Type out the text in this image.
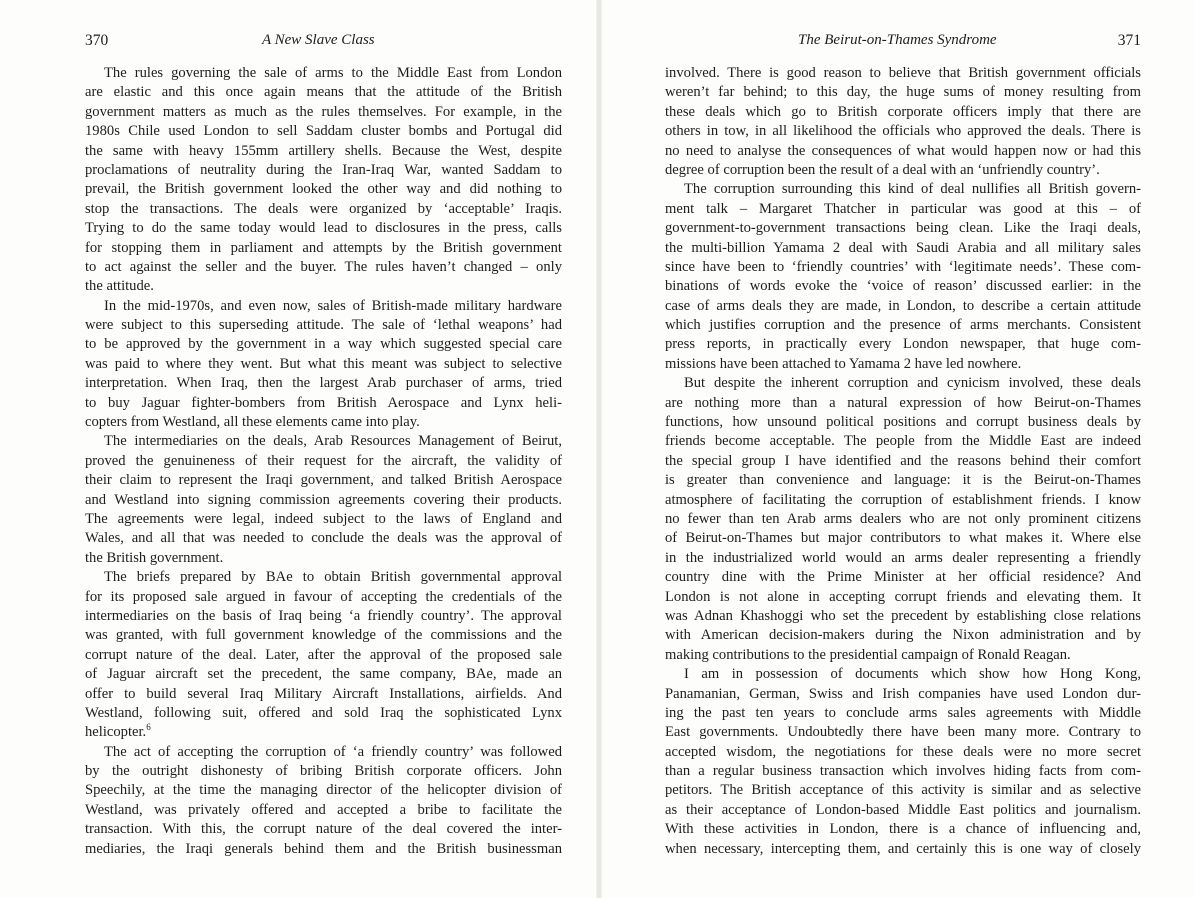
370	A New Slave Class
The rules governing the sale of arms to the Middle East from London
are elastic and this once again means that the attitude of the British
government matters as much as the rules themselves. For example, in the
1980s Chile used London to sell Saddam cluster bombs and Portugal did
the same with heavy 155mm artillery shells. Because the West, despite
proclamations of neutrality during the Iran-Iraq War, wanted Saddam to
prevail, the British government looked the other way and did nothing to
stop the transactions. The deals were organized by ‘acceptable’ Iraqis.
Trying to do the same today would lead to disclosures in the press, calls
for stopping them in parliament and attempts by the British government
to act against the seller and the buyer. The rules haven’t changed – only
the attitude.
In the mid-1970s, and even now, sales of British-made military hardware
were subject to this superseding attitude. The sale of ‘lethal weapons’ had
to be approved by the government in a way which suggested special care
was paid to where they went. But what this meant was subject to selective
interpretation. When Iraq, then the largest Arab purchaser of arms, tried
to buy Jaguar fighter-bombers from British Aerospace and Lynx heli-
copters from Westland, all these elements came into play.
The intermediaries on the deals, Arab Resources Management of Beirut,
proved the genuineness of their request for the aircraft, the validity of
their claim to represent the Iraqi government, and talked British Aerospace
and Westland into signing commission agreements covering their products.
The agreements were legal, indeed subject to the laws of England and
Wales, and all that was needed to conclude the deals was the approval of
the British government.
The briefs prepared by BAe to obtain British governmental approval
for its proposed sale argued in favour of accepting the credentials of the
intermediaries on the basis of Iraq being ‘a friendly country’. The approval
was granted, with full government knowledge of the commissions and the
corrupt nature of the deal. Later, after the approval of the proposed sale
of Jaguar aircraft set the precedent, the same company, BAe, made an
offer to build several Iraq Military Aircraft Installations, airfields. And
Westland, following suit, offered and sold Iraq the sophisticated Lynx
helicopter.$^6$
The act of accepting the corruption of ‘a friendly country’ was followed
by the outright dishonesty of bribing British corporate officers. John
Speechily, at the time the managing director of the helicopter division of
Westland, was privately offered and accepted a bribe to facilitate the
transaction. With this, the corrupt nature of the deal covered the inter-
mediaries, the Iraqi generals behind them and the British businessman
The Beirut-on-Thames Syndrome	371
involved. There is good reason to believe that British government officials
weren’t far behind; to this day, the huge sums of money resulting from
these deals which go to British corporate officers imply that there are
others in tow, in all likelihood the officials who approved the deals. There is
no need to analyse the consequences of what would happen now or had this
degree of corruption been the result of a deal with an ‘unfriendly country’.
The corruption surrounding this kind of deal nullifies all British govern-
ment talk – Margaret Thatcher in particular was good at this – of
government-to-government transactions being clean. Like the Iraqi deals,
the multi-billion Yamama 2 deal with Saudi Arabia and all military sales
since have been to ‘friendly countries’ with ‘legitimate needs’. These com-
binations of words evoke the ‘voice of reason’ discussed earlier: in the
case of arms deals they are made, in London, to describe a certain attitude
which justifies corruption and the presence of arms merchants. Consistent
press reports, in practically every London newspaper, that huge com-
missions have been attached to Yamama 2 have led nowhere.
But despite the inherent corruption and cynicism involved, these deals
are nothing more than a natural expression of how Beirut-on-Thames
functions, how unsound political positions and corrupt business deals by
friends become acceptable. The people from the Middle East are indeed
the special group I have identified and the reasons behind their comfort
is greater than convenience and language: it is the Beirut-on-Thames
atmosphere of facilitating the corruption of establishment friends. I know
no fewer than ten Arab arms dealers who are not only prominent citizens
of Beirut-on-Thames but major contributors to what makes it. Where else
in the industrialized world would an arms dealer representing a friendly
country dine with the Prime Minister at her official residence? And
London is not alone in accepting corrupt friends and elevating them. It
was Adnan Khashoggi who set the precedent by establishing close relations
with American decision-makers during the Nixon administration and by
making contributions to the presidential campaign of Ronald Reagan.
I am in possession of documents which show how Hong Kong,
Panamanian, German, Swiss and Irish companies have used London dur-
ing the past ten years to conclude arms sales agreements with Middle
East governments. Undoubtedly there have been many more. Contrary to
accepted wisdom, the negotiations for these deals were no more secret
than a regular business transaction which involves hiding facts from com-
petitors. The British acceptance of this activity is similar and as selective
as their acceptance of London-based Middle East politics and journalism.
With these activities in London, there is a chance of influencing and,
when necessary, intercepting them, and certainly this is one way of closely
